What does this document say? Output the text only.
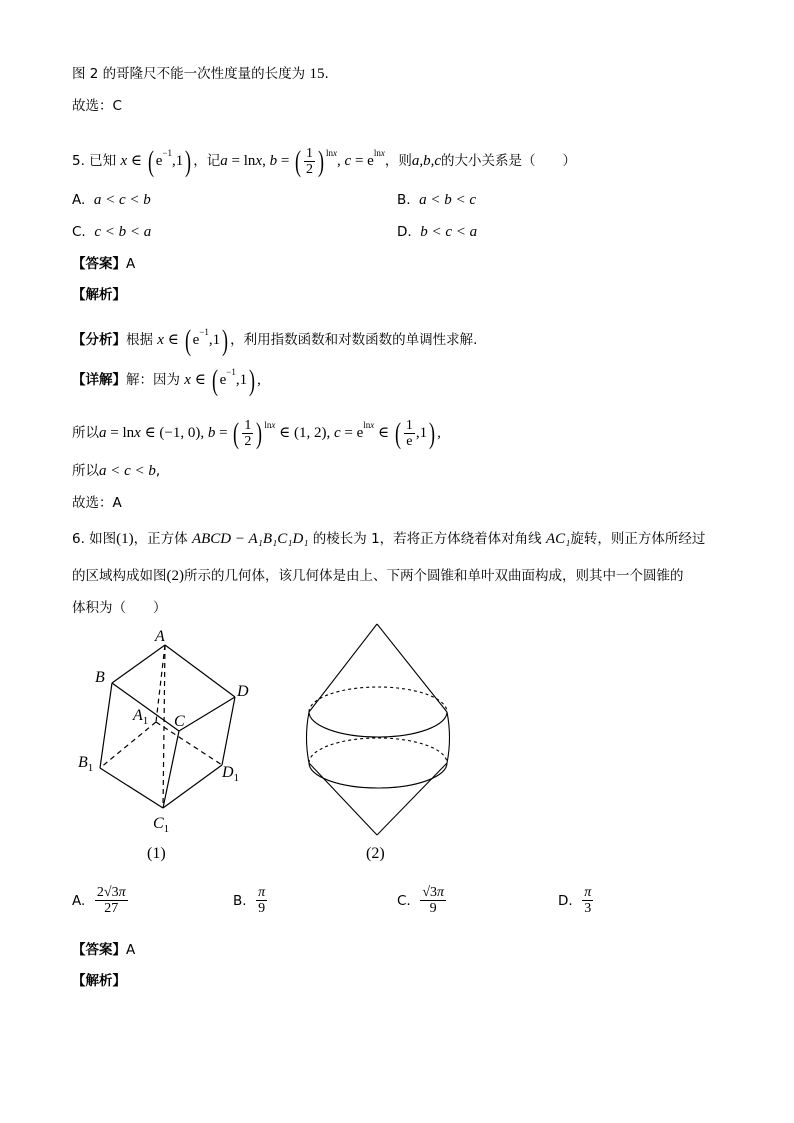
图 2 的哥隆尺不能一次性度量的长度为 15.
故选：C
5. 已知 x ∈ ( $e^{-1},1$) ，记a = lnx, b = ( $\frac{1}{2}$ ) $^{lnx}$, $c = e^{lnx}$，则a,b,c的大小关系是（　　）
A. a < c < b	B. a < b < c
C. c < b < a	D. b < c < a
【答案】A
【解析】
【分析】根据 x ∈ ( $e^{-1},1$) ，利用指数函数和对数函数的单调性求解.
【详解】解：因为 x ∈ ( $e^{-1},1$) ,
所以a = lnx ∈ (−1, 0), b = ( $\frac{1}{2}$ ) $^{lnx}$ ∈ (1, 2), $c = e^{lnx}$ ∈ ( $\frac{1}{e} ,1$) ,
所以a < c < b,
故选：A
6. 如图(1)，正方体 ABCD − A₁B₁C₁D₁ 的棱长为 1，若将正方体绕着体对角线 AC₁旋转，则正方体所经过
的区域构成如图(2)所示的几何体，该几何体是由上、下两个圆锥和单叶双曲面构成，则其中一个圆锥的
体积为（　　）
A
B
C
D
$A_1$
$B_1$	$D_1$
$C_1$
(1)	(2)
A.
$\frac{2√3\pi}{27}$	B.
$\frac{\pi}{9}$	C.
$\frac{√3\pi}{9}$	D.
$\frac{\pi}{3}$
【答案】A
【解析】
